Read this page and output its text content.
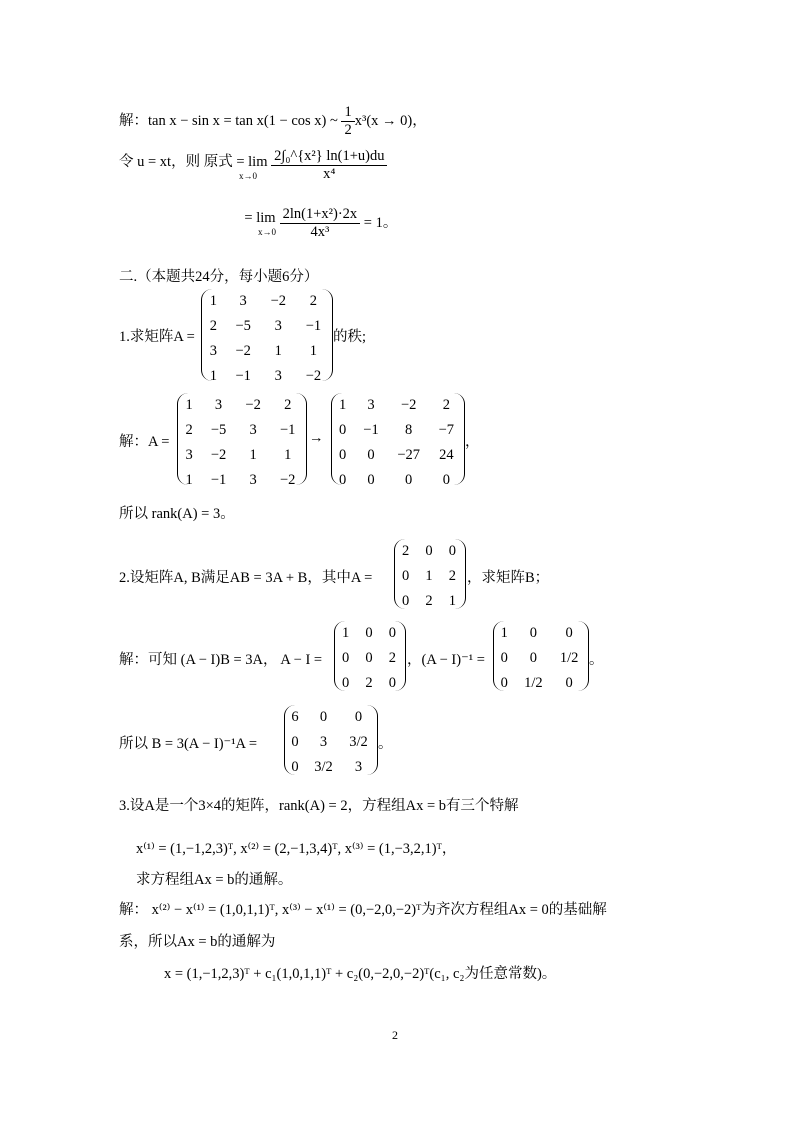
解：tan x − sin x = tan x(1 − cos x) ~ $\frac{1}{2} x^3(x \to 0)$，
令 u = xt，则 原式 = lim
x→0
$\frac{\text{2∫₀\textasciicircum{}\{x²\} ln(1+u)du}}{\text{x⁴}}$
= lim
x→0
$\frac{\text{2ln(1+x²)·2x}}{\text{4x³}} = 1$。
二.（本题共24分，每小题6分）
1.求矩阵A =
1	3	−2	2
2	−5	3	−1
3	−2	1	1
1	−1	3	−2
的秩;
解：A =
1	3	−2	2
2	−5	3	−1
3	−2	1	1
1	−1	3	−2
→
1	3	−2	2
0	−1	8	−7
0	0	−27	24
0	0	0	0
，
所以 rank(A) = 3。
2.设矩阵A, B满足AB = 3A + B，其中A =
2	0	0
0	1	2
0	2	1
，求矩阵B；
解：可知 (A − I)B = 3A， A − I =
1	0	0
0	0	2
0	2	0
，(A − I)⁻¹ =
1	0	0
0	0	1/2
0	1/2	0
。
所以 B = 3(A − I)⁻¹A =
6	0	0
0	3	3/2
0	3/2	3
。
3.设A是一个3×4的矩阵，rank(A) = 2，方程组Ax = b有三个特解
x⁽¹⁾ = (1,−1,2,3)ᵀ, x⁽²⁾ = (2,−1,3,4)ᵀ, x⁽³⁾ = (1,−3,2,1)ᵀ，
求方程组Ax = b的通解。
解： x⁽²⁾ − x⁽¹⁾ = (1,0,1,1)ᵀ, x⁽³⁾ − x⁽¹⁾ = (0,−2,0,−2)ᵀ为齐次方程组Ax = 0的基础解
系，所以Ax = b的通解为
x = (1,−1,2,3)ᵀ + c₁(1,0,1,1)ᵀ + c₂(0,−2,0,−2)ᵀ(c₁, c₂为任意常数)。
2
